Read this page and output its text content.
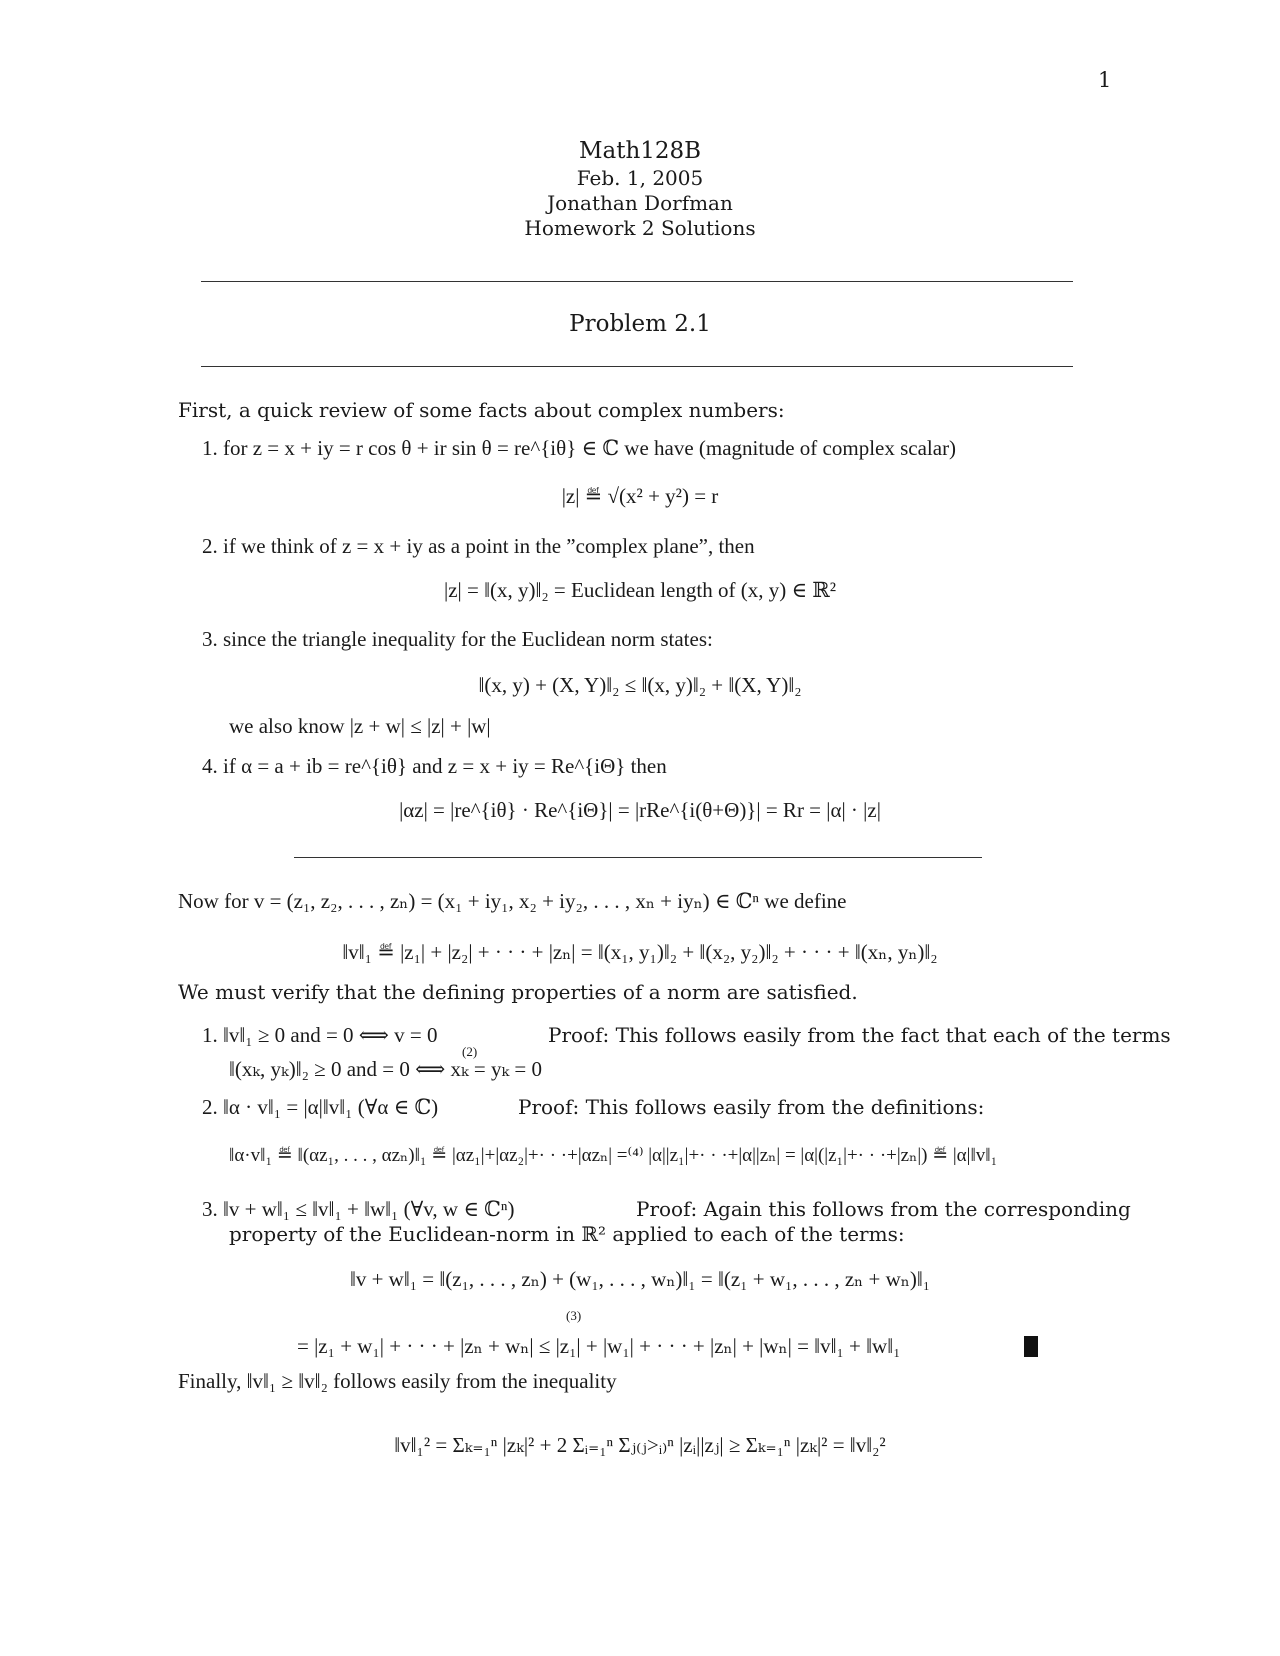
1
Math128B
Feb. 1, 2005
Jonathan Dorfman
Homework 2 Solutions
Problem 2.1
First, a quick review of some facts about complex numbers:
1. for z = x + iy = r cos θ + ir sin θ = re^{iθ} ∈ ℂ we have (magnitude of complex scalar)
|z| ≝ √(x² + y²) = r
2. if we think of z = x + iy as a point in the ”complex plane”, then
|z| = ‖(x, y)‖₂ = Euclidean length of (x, y) ∈ ℝ²
3. since the triangle inequality for the Euclidean norm states:
‖(x, y) + (X, Y)‖₂ ≤ ‖(x, y)‖₂ + ‖(X, Y)‖₂
we also know |z + w| ≤ |z| + |w|
4. if α = a + ib = re^{iθ} and z = x + iy = Re^{iΘ} then
|αz| = |re^{iθ} · Re^{iΘ}| = |rRe^{i(θ+Θ)}| = Rr = |α| · |z|
Now for v = (z₁, z₂, . . . , zₙ) = (x₁ + iy₁, x₂ + iy₂, . . . , xₙ + iyₙ) ∈ ℂⁿ we define
‖v‖₁ ≝ |z₁| + |z₂| + · · · + |zₙ| = ‖(x₁, y₁)‖₂ + ‖(x₂, y₂)‖₂ + · · · + ‖(xₙ, yₙ)‖₂
We must verify that the defining properties of a norm are satisfied.
1. ‖v‖₁ ≥ 0 and = 0 ⟺ v = 0	Proof: This follows easily from the fact that each of the terms
‖(xₖ, yₖ)‖₂ ≥ 0 and = 0 ⟺ xₖ = yₖ = 0
(2)
2. ‖α · v‖₁ = |α|‖v‖₁ (∀α ∈ ℂ)	Proof: This follows easily from the definitions:
‖α·v‖₁ ≝ ‖(αz₁, . . . , αzₙ)‖₁ ≝ |αz₁|+|αz₂|+· · ·+|αzₙ| =⁽⁴⁾ |α||z₁|+· · ·+|α||zₙ| = |α|(|z₁|+· · ·+|zₙ|) ≝ |α|‖v‖₁
3. ‖v + w‖₁ ≤ ‖v‖₁ + ‖w‖₁ (∀v, w ∈ ℂⁿ)	Proof: Again this follows from the corresponding
property of the Euclidean-norm in ℝ² applied to each of the terms:
‖v + w‖₁ = ‖(z₁, . . . , zₙ) + (w₁, . . . , wₙ)‖₁ = ‖(z₁ + w₁, . . . , zₙ + wₙ)‖₁
(3)
= |z₁ + w₁| + · · · + |zₙ + wₙ| ≤ |z₁| + |w₁| + · · · + |zₙ| + |wₙ| = ‖v‖₁ + ‖w‖₁
Finally, ‖v‖₁ ≥ ‖v‖₂ follows easily from the inequality
‖v‖₁² = Σₖ₌₁ⁿ |zₖ|² + 2 Σᵢ₌₁ⁿ Σⱼ₍ⱼ>ᵢ₎ⁿ |zᵢ||zⱼ| ≥ Σₖ₌₁ⁿ |zₖ|² = ‖v‖₂²
